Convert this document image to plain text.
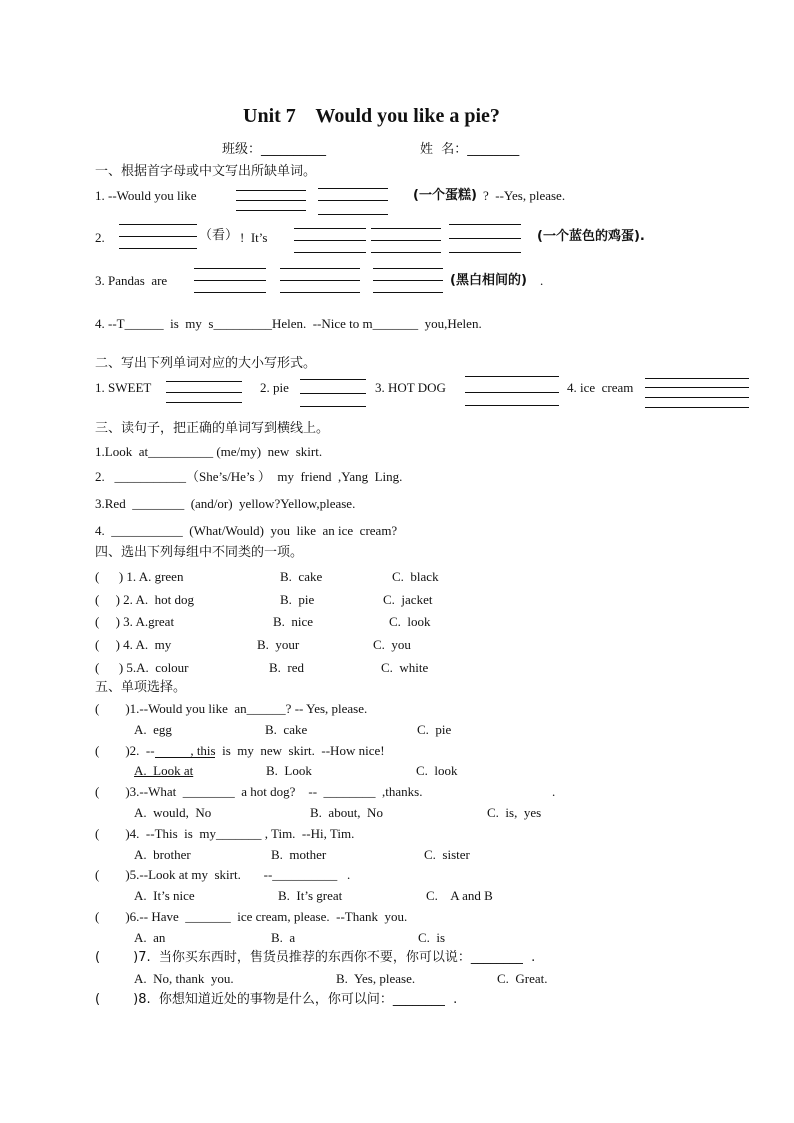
Unit 7    Would you like a pie?
班级：__________	姓  名：________
一、根据首字母或中文写出所缺单词。
1. --Would you like	(一个蛋糕) ?  --Yes, please.
2.	（看） !  It’s	(一个蓝色的鸡蛋).
3. Pandas  are	(黑白相间的) .
4. --T______  is  my  s_________Helen.  --Nice to m_______  you,Helen.
二、写出下列单词对应的大小写形式。
1. SWEET	2. pie	3. HOT DOG	4. ice  cream
三、读句子，把正确的单词写到横线上。
1.Look  at__________ (me/my)  new  skirt.
2.   ___________（She’s/He’s ）  my  friend  ,Yang  Ling.
3.Red  ________  (and/or)  yellow?Yellow,please.
4.  ___________  (What/Would)  you  like  an ice  cream?
四、选出下列每组中不同类的一项。
(      ) 1. A. green	B.  cake	C.  black
(     ) 2. A.  hot dog	B.  pie	C.  jacket
(     ) 3. A.great	B.  nice	C.  look
(     ) 4. A.  my	B.  your	C.  you
(      ) 5.A.  colour	B.  red	C.  white
五、单项选择。
(        )1.--Would you like  an______? -- Yes, please.
A.  egg	B.  cake	C.  pie
(        )2.  --           , this  is  my  new  skirt.  --How nice!
A.  Look at	B.  Look	C.  look
(        )3.--What  ________  a hot dog?    --  ________  ,thanks.	.
A.  would,  No	B.  about,  No	C.  is,  yes
(        )4.  --This  is  my_______ , Tim.  --Hi, Tim.
A.  brother	B.  mother	C.  sister
(        )5.--Look at my  skirt.       --__________   .
A.  It’s nice	B.  It’s great	C.    A and B
(        )6.-- Have  _______  ice cream, please.  --Thank  you.
A.  an	B.  a	C.  is
(        )7.  当你买东西时，售货员推荐的东西你不要，你可以说：________  .
A.  No, thank  you.	B.  Yes, please.	C.  Great.
(        )8.  你想知道近处的事物是什么，你可以问：________  .
